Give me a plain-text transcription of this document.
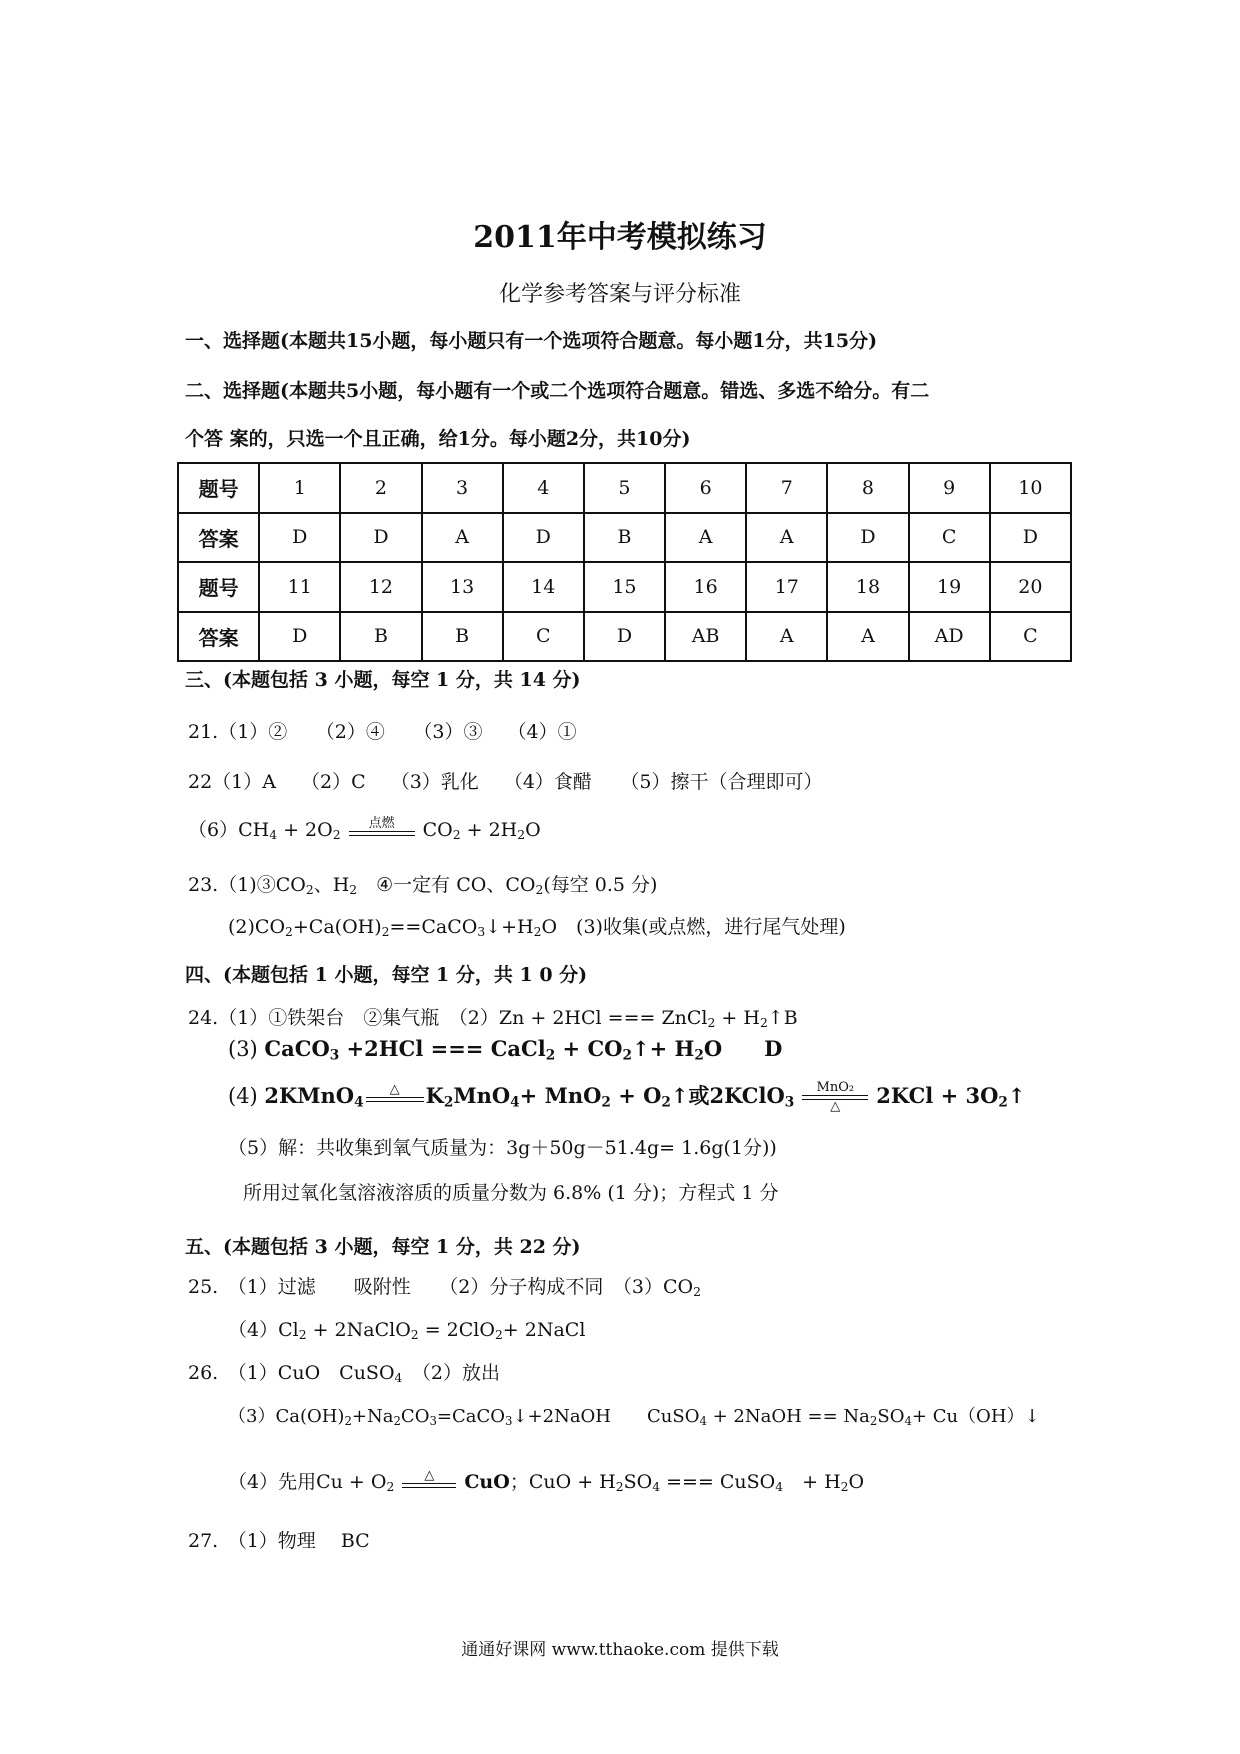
2011年中考模拟练习
化学参考答案与评分标准
一、选择题(本题共15小题，每小题只有一个选项符合题意。每小题1分，共15分)
二、选择题(本题共5小题，每小题有一个或二个选项符合题意。错选、多选不给分。有二
个答 案的，只选一个且正确，给1分。每小题2分，共10分)
题号	1	2	3	4	5	6	7	8	9	10
答案	D	D	A	D	B	A	A	D	C	D
题号	11	12	13	14	15	16	17	18	19	20
答案	D	B	B	C	D	AB	A	A	AD	C
三、(本题包括 3 小题，每空 1 分，共 14 分)
21.（1）②　　（2）④　　（3）③　 （4）①
22（1）A　 （2）C　 （3）乳化　 （4）食醋　　（5）擦干（合理即可）
$(6)CH_4 + 2O_2$
点燃	$CO_2 + 2H_2O$
$23.(1)③CO_2$、$H_2$  ④一定有 CO、$CO_2$(每空 0.5 分)
$(2)CO_2+Ca(OH)_2==CaCO_3↓+H_2O$　(3)收集(或点燃，进行尾气处理)
四、(本题包括 1 小题，每空 1 分，共 1 0 分)
24.（1）①铁架台　②集气瓶　（2）Zn + 2HCl === ZnCl$_2$ + $H_2↑B$
(3) CaCO$_3$ +2HCl === CaCl$_2$ + $CO_2↑+ H_2O$　　D
(4) 2KMnO$_4$
△	$K_2MnO_4+ MnO_2$ + $O_2↑$或2KClO$_3$
MnO₂
△	$2KCl + 3O_2↑$
（5）解：共收集到氧气质量为：3g＋50g－51.4g= 1.6g(1分))
所用过氧化氢溶液溶质的质量分数为 6.8% (1 分)；方程式 1 分
五、(本题包括 3 小题，每空 1 分，共 22 分)
25.　（1）过滤　　吸附性　　（2）分子构成不同　$(3)CO_2$
$(4)Cl_2$ + 2NaClO$_2$ = 2ClO$_2$+ 2NaCl
26.　（1）CuO　CuSO$_4$　（2）放出
$(3)Ca(OH)_2+Na_2CO_3=CaCO_3↓+2NaOH$　　CuSO$_4$ + 2NaOH == $Na_2SO_4+$ Cu（OH）↓
（4）先用$Cu + O_2$
△	CuO；CuO + $H_2SO_4$ === CuSO$_4$　+ $H_2O$
27.　（1）物理　 BC
通通好课网 www.tthaoke.com 提供下载
